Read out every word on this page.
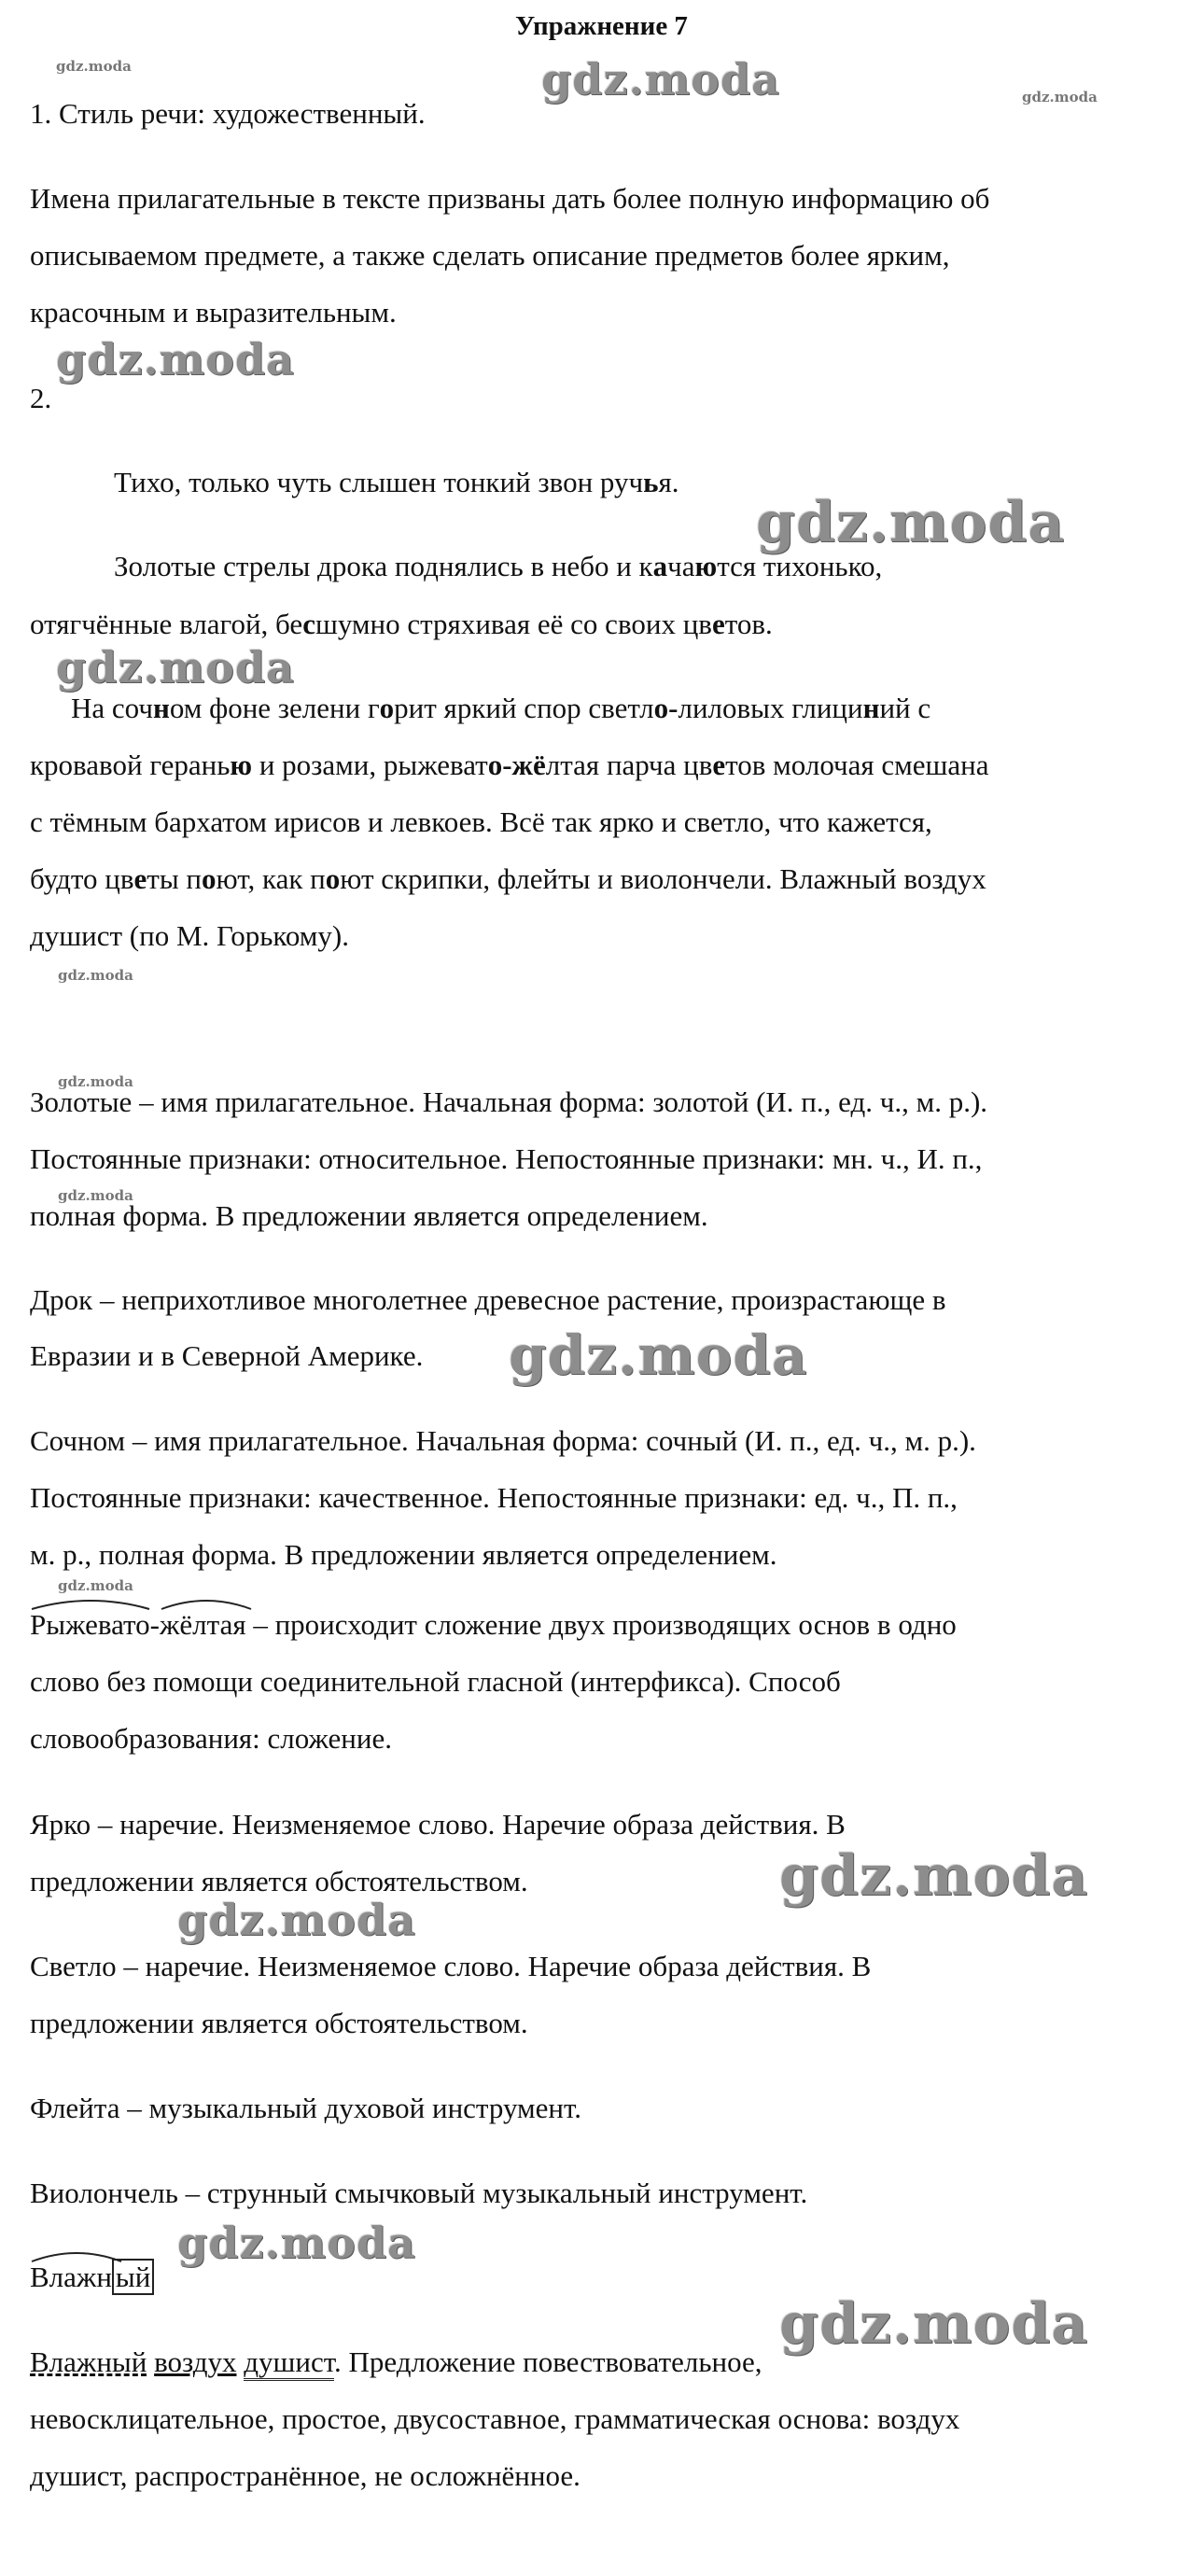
Упражнение 7
gdz.moda	gdz.moda	gdz.moda
gdz.moda
gdz.moda
gdz.moda
gdz.moda
gdz.moda
gdz.moda
gdz.moda
gdz.moda
gdz.moda
gdz.moda
gdz.moda
gdz.moda

1. Стиль речи: художественный.

Имена прилагательные в тексте призваны дать более полную информацию об

описываемом предмете, а также сделать описание предметов более ярким,

красочным и выразительным.

2.

Тихо, только чуть слышен тонкий звон ручья.

Золотые стрелы дрока поднялись в небо и качаются тихонько,

отягчённые влагой, бесшумно стряхивая её со своих цветов.

На сочном фоне зелени горит яркий спор светло-лиловых глициний с

кровавой геранью и розами, рыжевато-жёлтая парча цветов молочая смешана

с тёмным бархатом ирисов и левкоев. Всё так ярко и светло, что кажется,

будто цветы поют, как поют скрипки, флейты и виолончели. Влажный воздух

душист (по М. Горькому).

Золотые – имя прилагательное. Начальная форма: золотой (И. п., ед. ч., м. р.).

Постоянные признаки: относительное. Непостоянные признаки: мн. ч., И. п.,

полная форма. В предложении является определением.

Дрок – неприхотливое многолетнее древесное растение, произрастающе в

Евразии и в Северной Америке.

Сочном – имя прилагательное. Начальная форма: сочный (И. п., ед. ч., м. р.).

Постоянные признаки: качественное. Непостоянные признаки: ед. ч., П. п.,

м. р., полная форма. В предложении является определением.

Рыжевато-
жёлтая – происходит сложение двух производящих основ в одно

слово без помощи соединительной гласной (интерфикса). Способ

словообразования: сложение.

Ярко – наречие. Неизменяемое слово. Наречие образа действия. В

предложении является обстоятельством.

Светло – наречие. Неизменяемое слово. Наречие образа действия. В

предложении является обстоятельством.

Флейта – музыкальный духовой инструмент.

Виолончель – струнный смычковый музыкальный инструмент.

Влажн ый

Влажный воздух душист. Предложение повествовательное,

невосклицательное, простое, двусоставное, грамматическая основа: воздух

душист, распространённое, не осложнённое.
